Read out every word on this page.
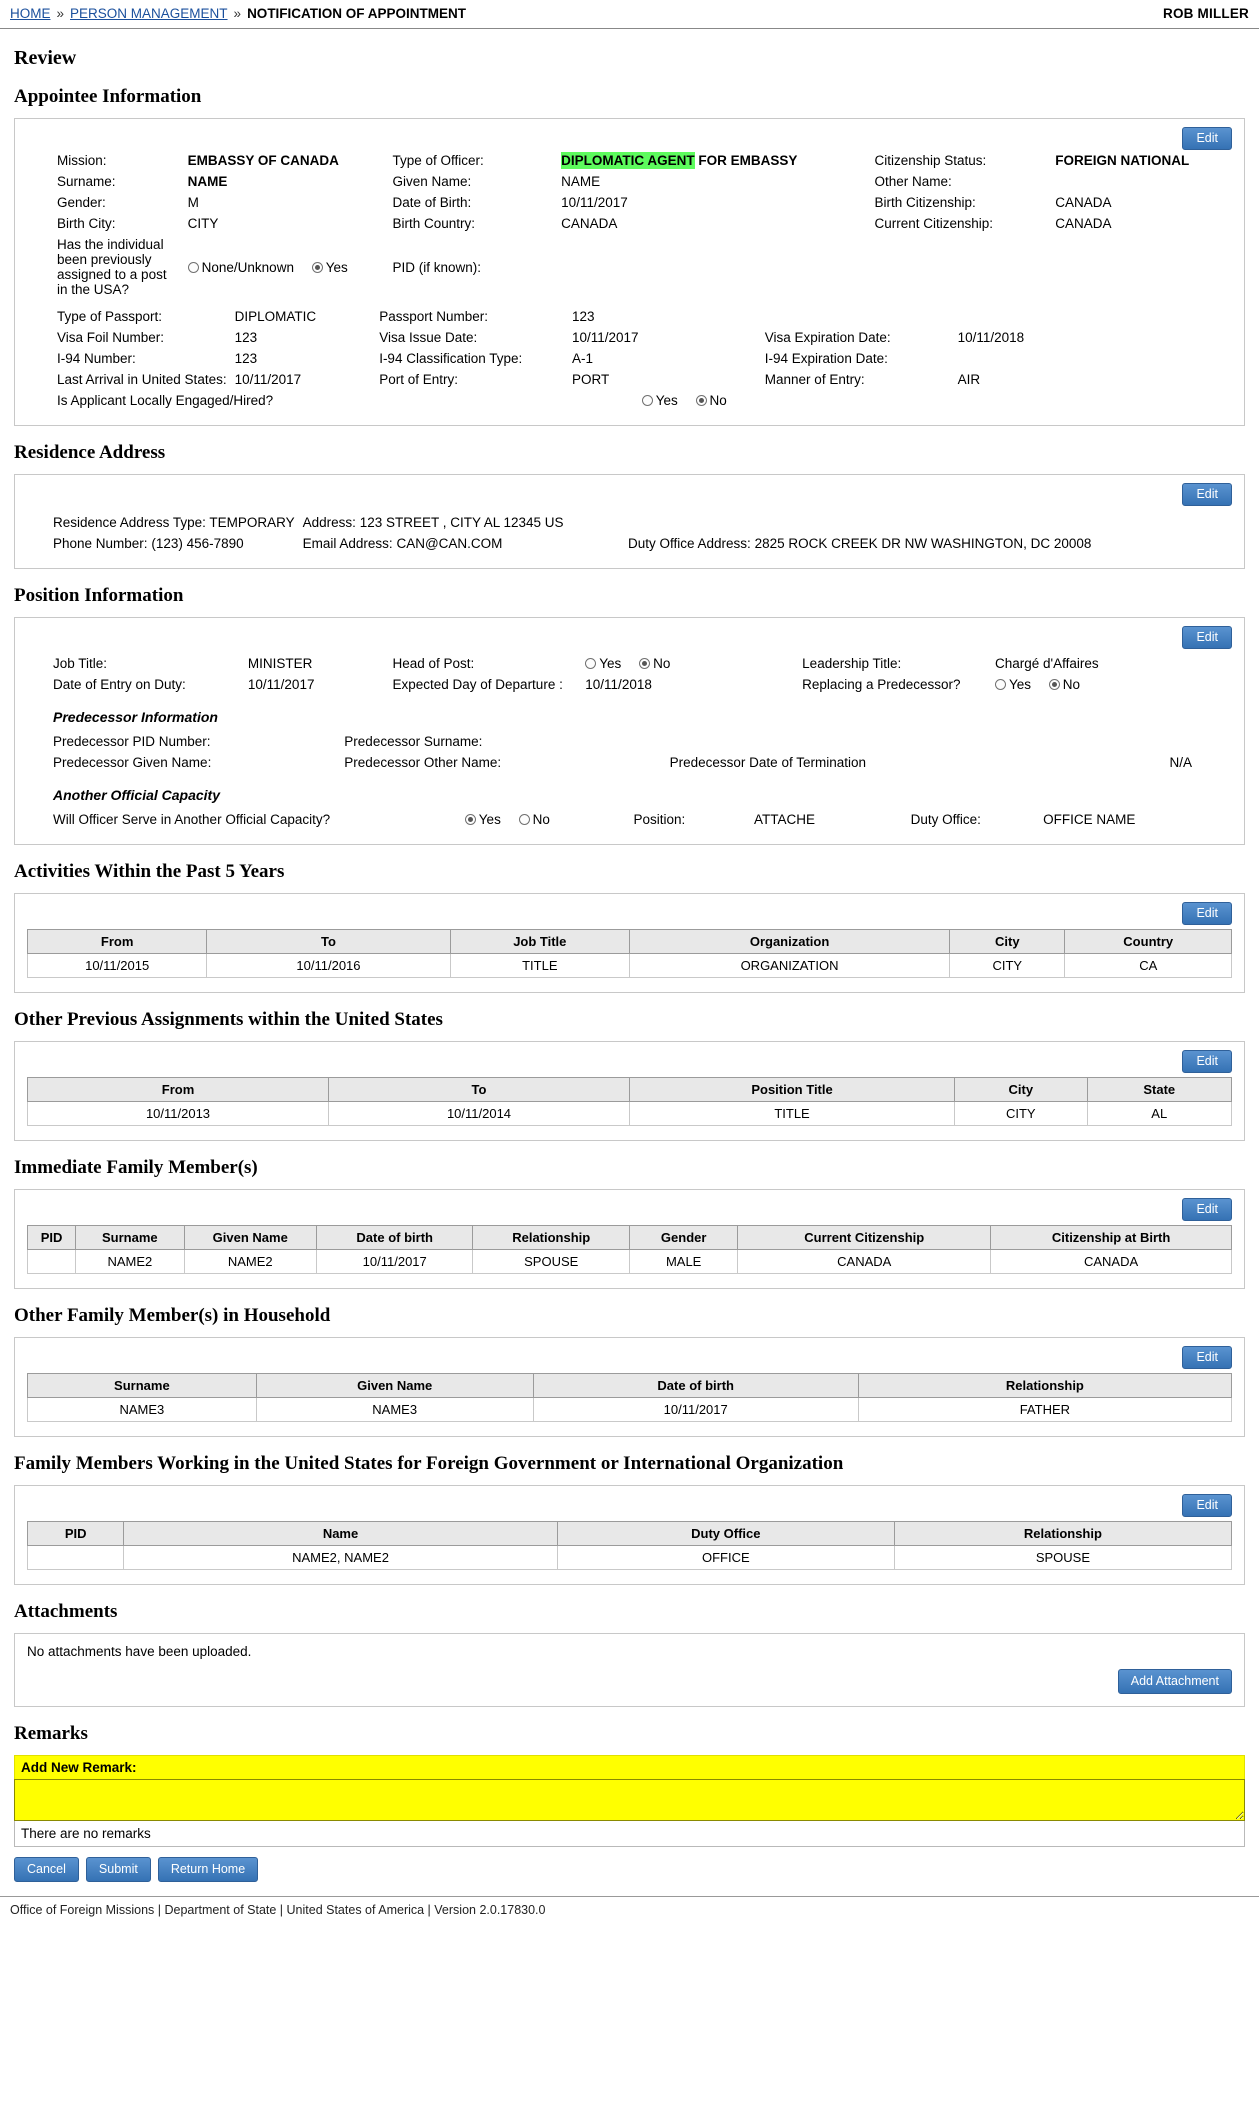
HOME » PERSON MANAGEMENT » NOTIFICATION OF APPOINTMENT	ROB MILLER
Review
Appointee Information
Edit
Mission:	EMBASSY OF CANADA	Type of Officer:	DIPLOMATIC AGENT FOR EMBASSY	Citizenship Status:	FOREIGN NATIONAL
Surname:	NAME	Given Name:	NAME	Other Name:	
Gender:	M	Date of Birth:	10/11/2017	Birth Citizenship:	CANADA
Birth City:	CITY	Birth Country:	CANADA	Current Citizenship:	CANADA
Has the individual been previously assigned to a post in the USA?	None/Unknown Yes	PID (if known):			
Type of Passport:	DIPLOMATIC	Passport Number:	123		
Visa Foil Number:	123	Visa Issue Date:	10/11/2017	Visa Expiration Date:	10/11/2018
I-94 Number:	123	I-94 Classification Type:	A-1	I-94 Expiration Date:	
Last Arrival in United States:	10/11/2017	Port of Entry:	PORT	Manner of Entry:	AIR
Is Applicant Locally Engaged/Hired?		Yes No			
Residence Address
Edit
Residence Address Type: TEMPORARY	Address: 123 STREET , CITY AL 12345 US	
Phone Number: (123) 456-7890	Email Address: CAN@CAN.COM	Duty Office Address: 2825 ROCK CREEK DR NW WASHINGTON, DC 20008
Position Information
Edit
Job Title:	MINISTER	Head of Post:	Yes No	Leadership Title:	Chargé d'Affaires
Date of Entry on Duty:	10/11/2017	Expected Day of Departure :	10/11/2018	Replacing a Predecessor?	Yes No
Predecessor Information
Predecessor PID Number:	Predecessor Surname:		
Predecessor Given Name:	Predecessor Other Name:	Predecessor Date of Termination	N/A
Another Official Capacity
Will Officer Serve in Another Official Capacity?	Yes No	Position:	ATTACHE	Duty Office:	OFFICE NAME
Activities Within the Past 5 Years
Edit
From	To	Job Title	Organization	City	Country
10/11/2015	10/11/2016	TITLE	ORGANIZATION	CITY	CA
Other Previous Assignments within the United States
Edit
From	To	Position Title	City	State
10/11/2013	10/11/2014	TITLE	CITY	AL
Immediate Family Member(s)
Edit
PID	Surname	Given Name	Date of birth	Relationship	Gender	Current Citizenship	Citizenship at Birth
	NAME2	NAME2	10/11/2017	SPOUSE	MALE	CANADA	CANADA
Other Family Member(s) in Household
Edit
Surname	Given Name	Date of birth	Relationship
NAME3	NAME3	10/11/2017	FATHER
Family Members Working in the United States for Foreign Government or International Organization
Edit
PID	Name	Duty Office	Relationship
	NAME2, NAME2	OFFICE	SPOUSE
Attachments
No attachments have been uploaded.
Add Attachment
Remarks
Add New Remark:
There are no remarks
Cancel	Submit	Return Home
Office of Foreign Missions | Department of State | United States of America | Version 2.0.17830.0
